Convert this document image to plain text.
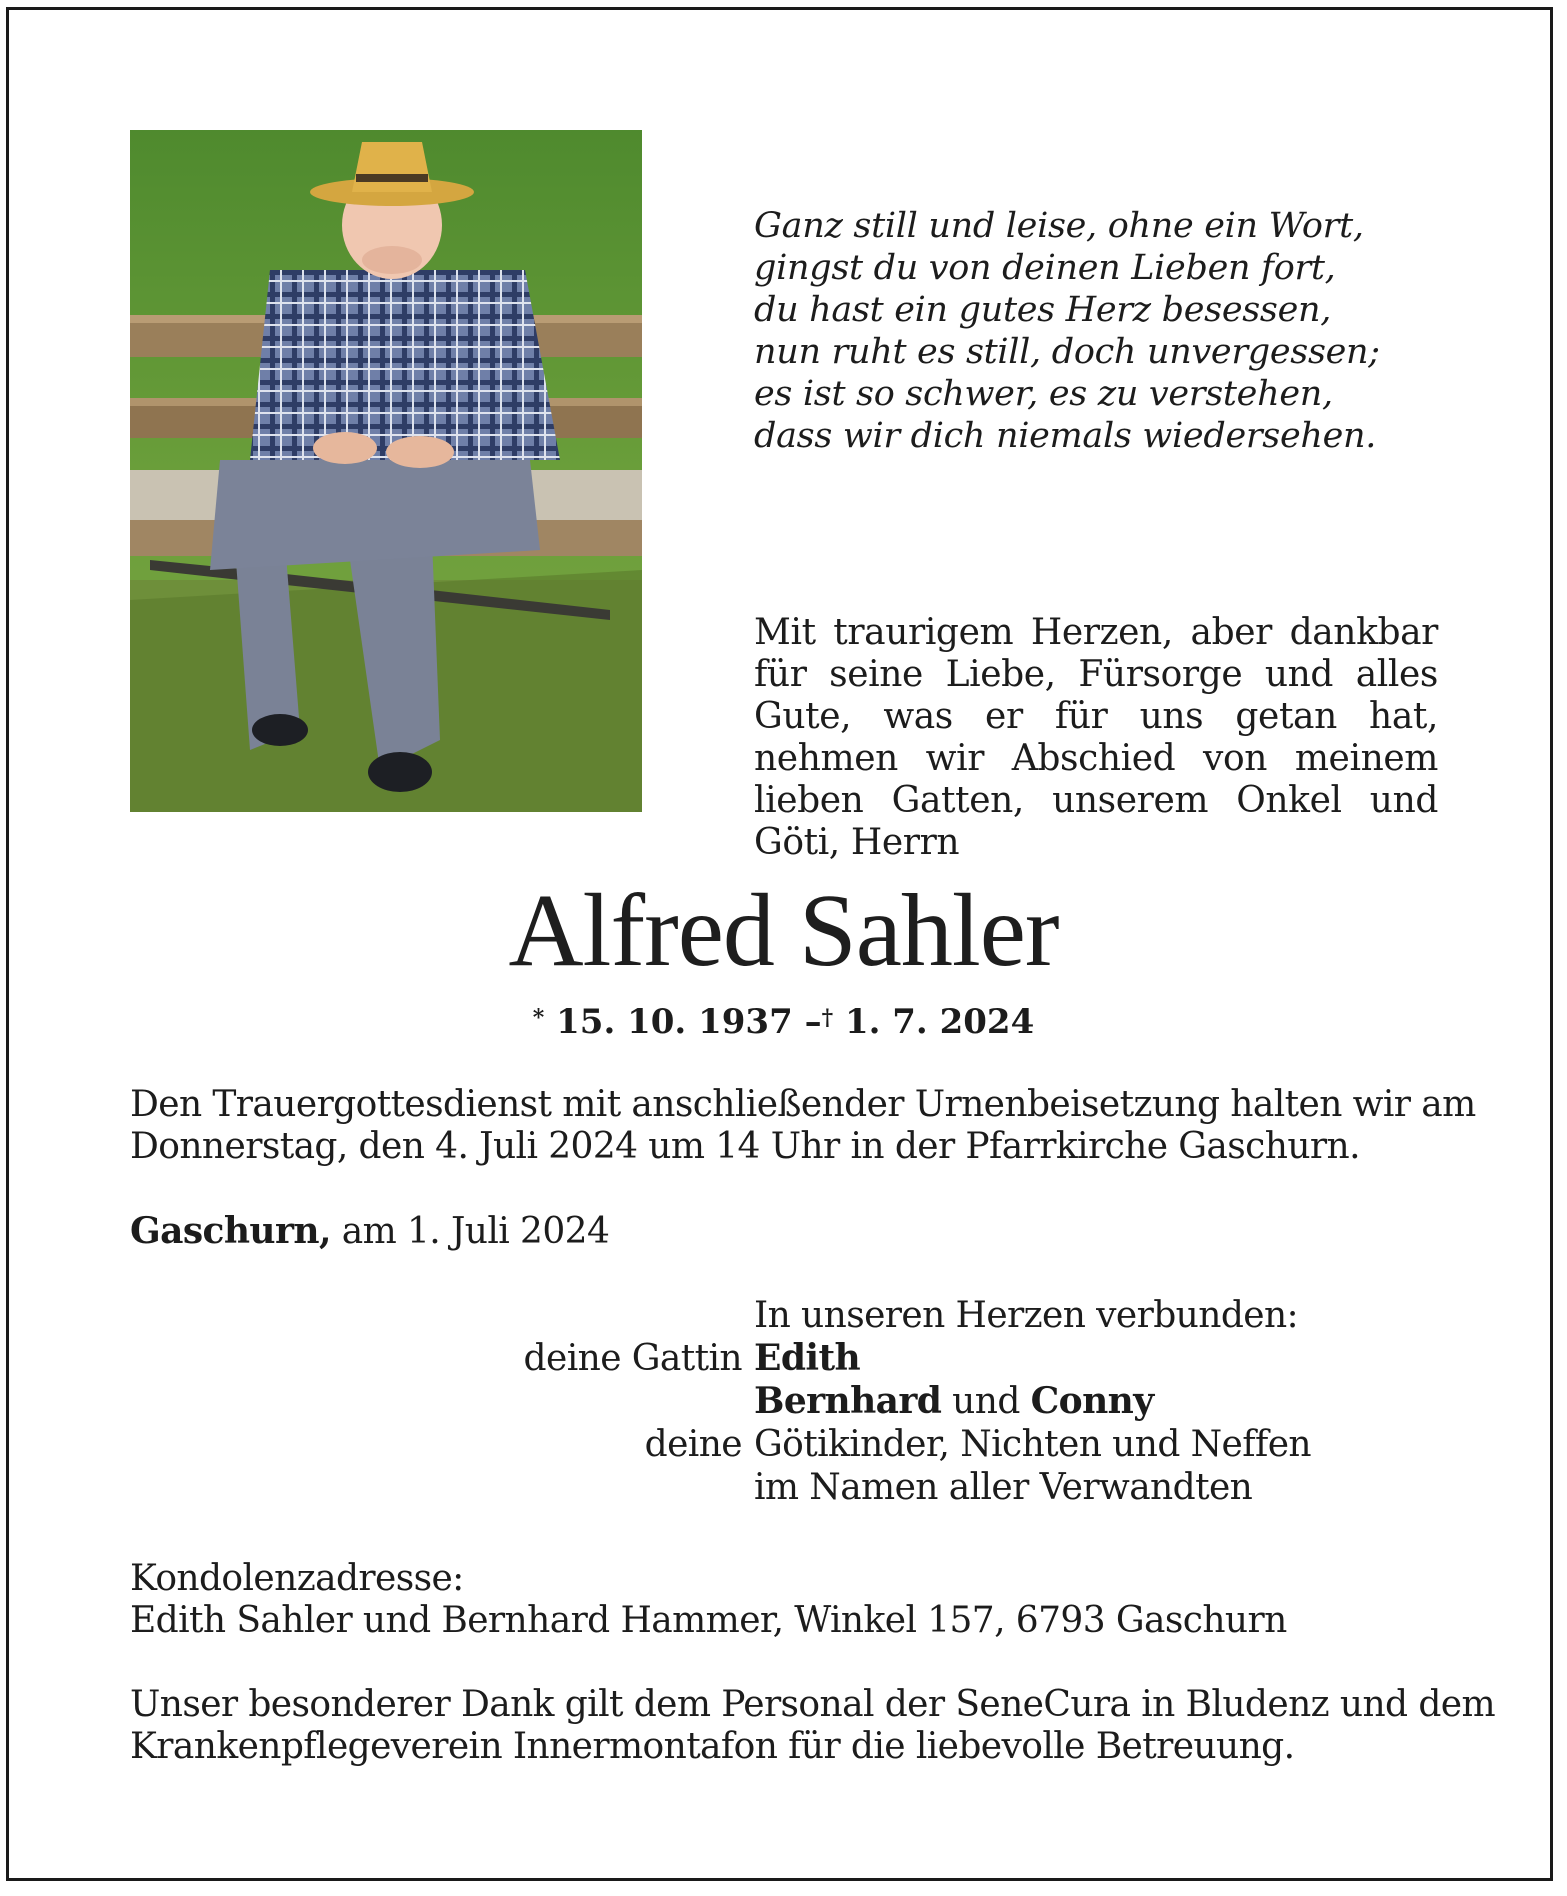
Ganz still und leise, ohne ein Wort,
gingst du von deinen Lieben fort,
du hast ein gutes Herz besessen,
nun ruht es still, doch unvergessen;
es ist so schwer, es zu verstehen,
dass wir dich niemals wiedersehen.
Mit traurigem Herzen, aber dankbar für seine Liebe, Fürsorge und alles Gute, was er für uns getan hat, nehmen wir Abschied von meinem lieben Gatten, unserem Onkel und Göti, Herrn
Alfred Sahler
* 15. 10. 1937 –† 1. 7. 2024
Den Trauergottesdienst mit anschließender Urnenbeisetzung halten wir am
Donnerstag, den 4. Juli 2024 um 14 Uhr in der Pfarrkirche Gaschurn.
Gaschurn, am 1. Juli 2024
In unseren Herzen verbunden:
deine Gattin Edith
Bernhard und Conny
deine Götikinder, Nichten und Neffen
im Namen aller Verwandten
Kondolenzadresse:
Edith Sahler und Bernhard Hammer, Winkel 157, 6793 Gaschurn
Unser besonderer Dank gilt dem Personal der SeneCura in Bludenz und dem
Krankenpflegeverein Innermontafon für die liebevolle Betreuung.
